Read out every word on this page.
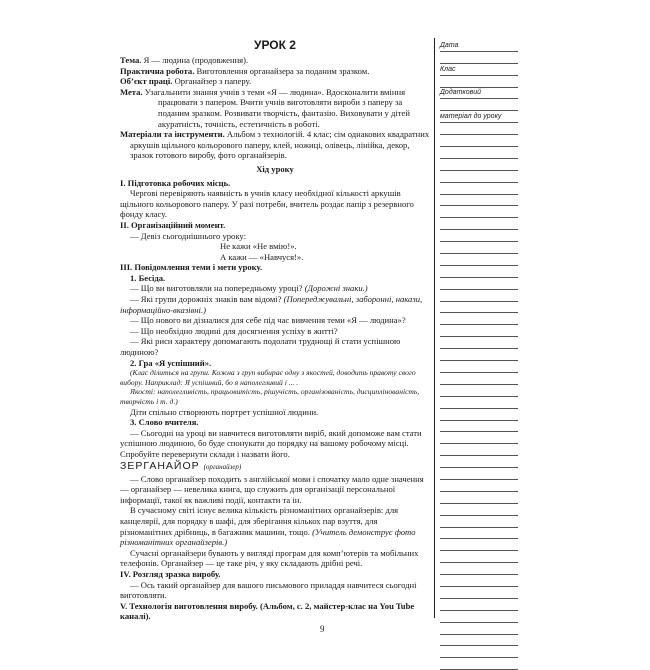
УРОК 2

Тема. Я — людина (продовження).

Практична робота. Виготовлення органайзера за поданим зразком.

Об’єкт праці. Органайзер з паперу.

Мета. Узагальнити знання учнів з теми «Я — людина». Вдосконалити вміння працювати з папером. Вчити учнів виготовляти вироби з паперу за поданим зразком. Розвивати творчість, фантазію. Виховувати у дітей акуратність, точність, естетичність в роботі.

Матеріали та інструменти. Альбом з технологій. 4 клас; сім однакових квадратних аркушів щільного кольорового паперу, клей, ножиці, олівець, лінійка, декор, зразок готового виробу, фото органайзерів.

Хід уроку

I. Підготовка робочих місць.

Черговi перевіряють наявність в учнів класу необхідної кількості аркушів щільного кольорового паперу. У разі потреби, вчитель роздає папір з резервного фонду класу.

II. Організаційний момент.

— Девіз сьогоднішнього уроку:

Не кажи «Не вмію!».

А кажи — «Навчуся!».

III. Повідомлення теми і мети уроку.

1. Бесіда.

— Що ви виготовляли на попередньому уроці? (Дорожні знаки.)

— Які групи дорожніх знаків вам відомі? (Попереджувальні, заборонні, накази, інформаційно-вказівні.)

— Що нового ви дізналися для себе під час вивчення теми «Я — людина»?

— Що необхідно людині для досягнення успіху в житті?

— Які риси характеру допомагають подолати труднощі й стати успішною людиною?

2. Гра «Я успішний».

(Клас ділиться на групи. Кожна з груп вибирає одну з якостей, доводить правоту свого вибору. Наприклад: Я успішний, бо я наполегливий і ... .

Якості: наполегливість, працьовитість, рішучість, організованість, дисциплінованість, творчість і т. д.)

Діти спільно створюють портрет успішної людини.

3. Слово вчителя.

— Сьогодні на уроці ви навчитеся виготовляти виріб, який допоможе вам стати успішною людиною, бо буде спонукати до порядку на вашому робочому місці. Спробуйте перевернути склади і назвати його.

ЗЕРГАНАЙОР (органайзер)

— Слово органайзер походить з англійської мови і спочатку мало одне значення — органайзер — невелика книга, що служить для організації персональної інформації, такої як важливі події, контакти та ін.

В сучасному світі існує велика кількість різноманітних органайзерів: для канцелярії, для порядку в шафі, для зберігання кількох пар взуття, для різноманітних дрібниць, в багажник машини, тощо. (Учитель демонструє фото різноманітних органайзерів.)

Сучасні органайзери бувають у вигляді програм для комп’ютерів та мобільних телефонів. Органайзер — це таке річ, у яку складають дрібні речі.

IV. Розгляд зразка виробу.

— Ось такий органайзер для вашого письмового приладдя навчитеся сьогодні виготовляти.

V. Технологія виготовлення виробу. (Альбом, с. 2, майстер-клас на You Tube каналі).

Дата
Клас
Додатковий
матеріал до уроку
9
